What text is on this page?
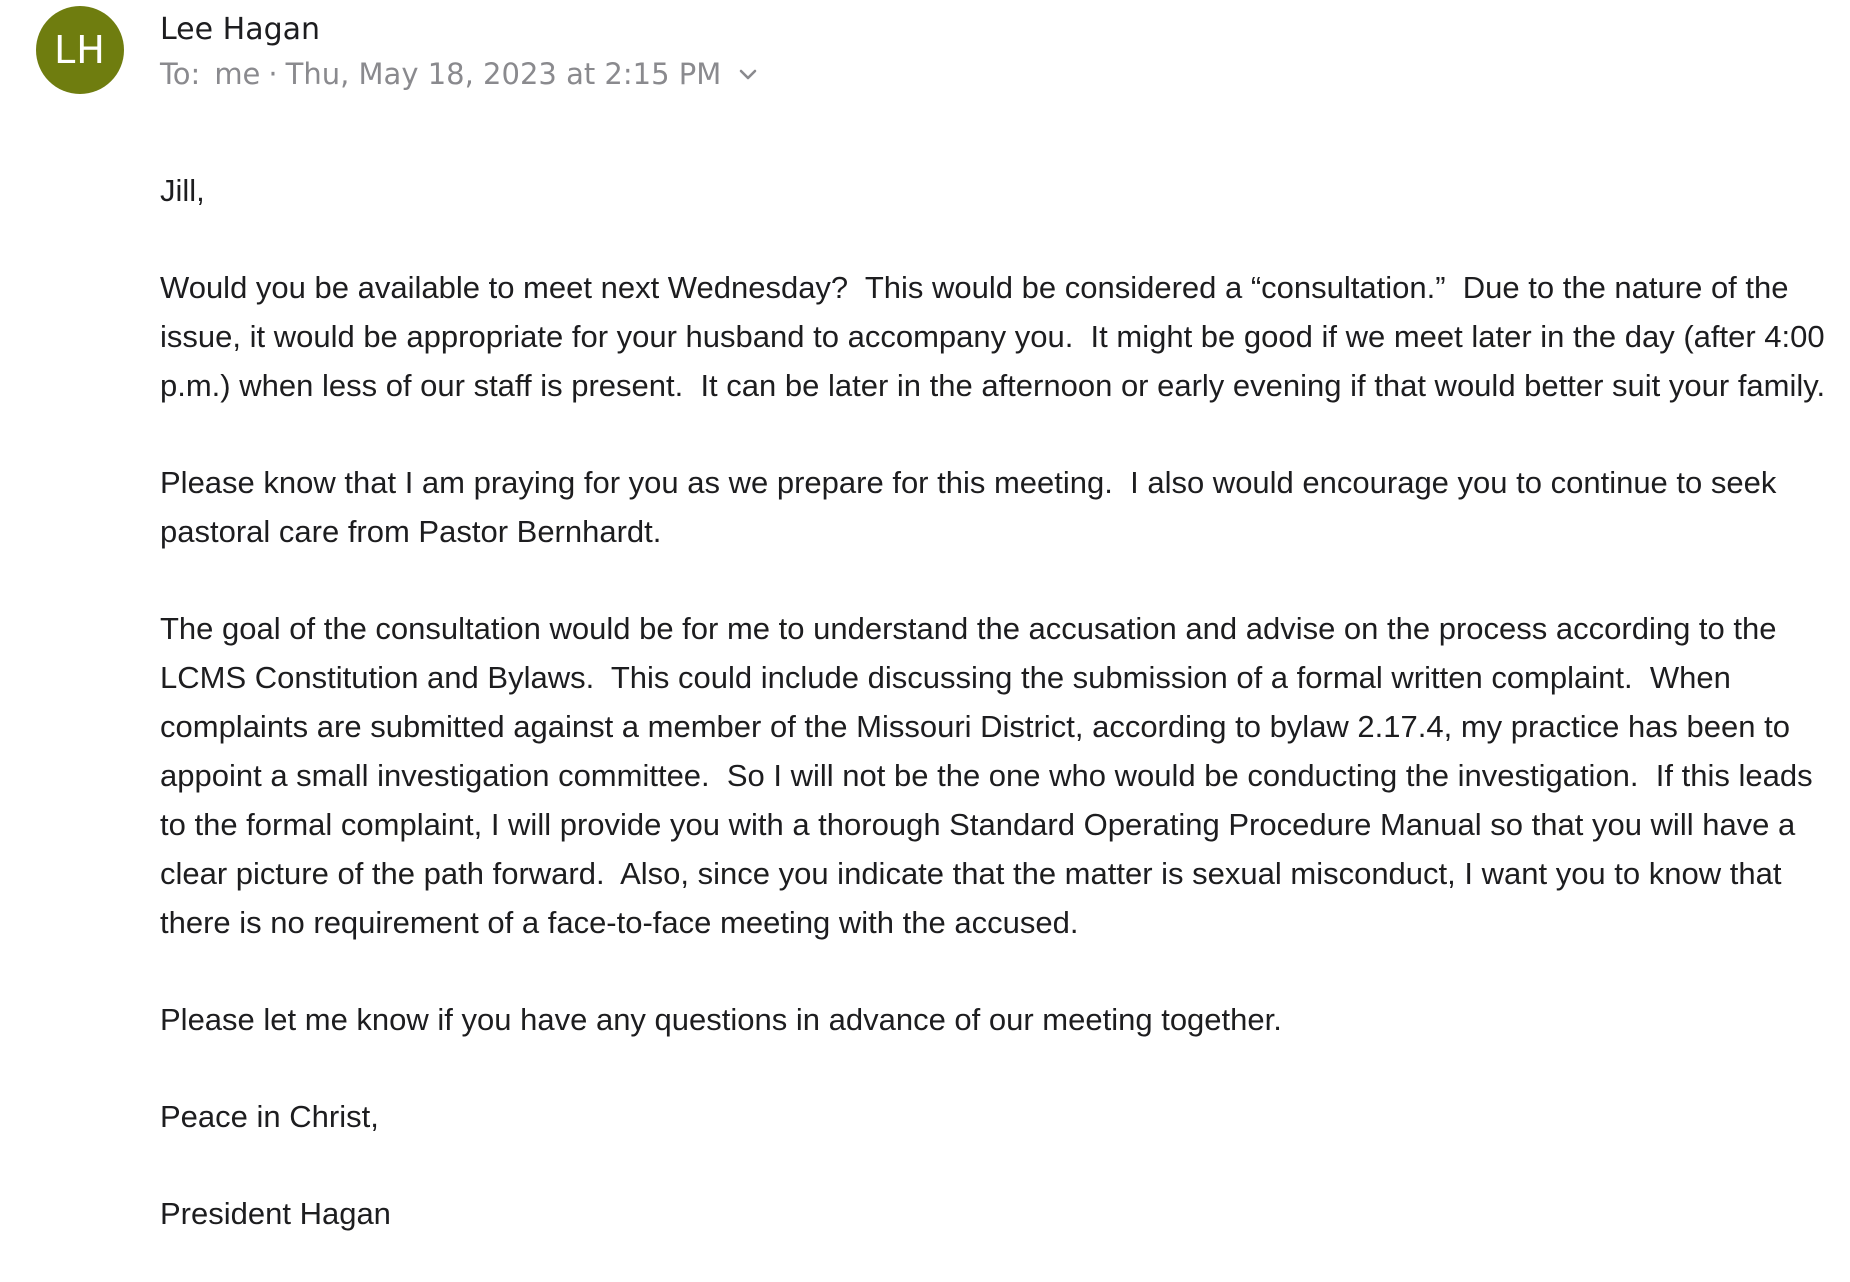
LH	Lee Hagan
To: me · Thu, May 18, 2023 at 2:15 PM

Jill,

Would you be available to meet next Wednesday?  This would be considered a “consultation.”  Due to the nature of the issue, it would be appropriate for your husband to accompany you.  It might be good if we meet later in the day (after 4:00 p.m.) when less of our staff is present.  It can be later in the afternoon or early evening if that would better suit your family.

Please know that I am praying for you as we prepare for this meeting.  I also would encourage you to continue to seek pastoral care from Pastor Bernhardt.

The goal of the consultation would be for me to understand the accusation and advise on the process according to the LCMS Constitution and Bylaws.  This could include discussing the submission of a formal written complaint.  When complaints are submitted against a member of the Missouri District, according to bylaw 2.17.4, my practice has been to appoint a small investigation committee.  So I will not be the one who would be conducting the investigation.  If this leads to the formal complaint, I will provide you with a thorough Standard Operating Procedure Manual so that you will have a clear picture of the path forward.  Also, since you indicate that the matter is sexual misconduct, I want you to know that there is no requirement of a face-to-face meeting with the accused.

Please let me know if you have any questions in advance of our meeting together.

Peace in Christ,

President Hagan
